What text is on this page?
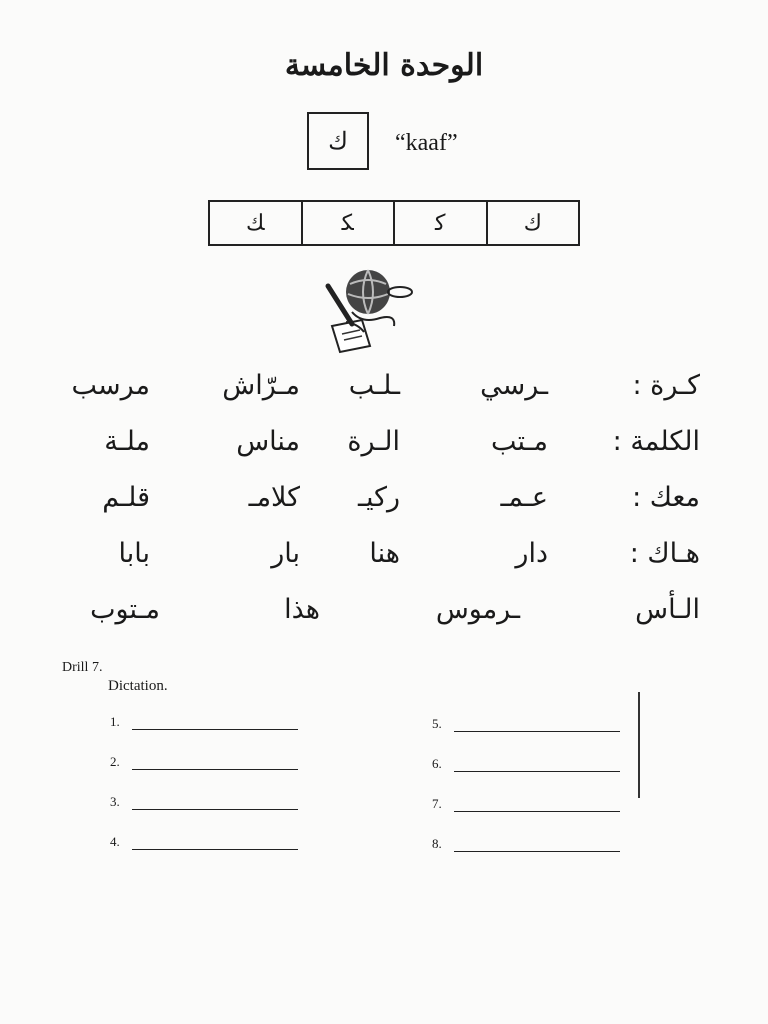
الوحدة الخامسة
ك “kaaf”
ك
ﻛ
ﻜ
ﻚ
كـرة :
ـرسي
ـلـب
مـرّاش
مرسب
الكلمة :
مـتب
الـرة
مناس
ملـة
معك :
عـمـ
ركيـ
كلامـ
قلـم
هـاك :
دار
هنا
بار
بابا
الـأس
ـرموس
هذا
مـتوب
Drill 7.
Dictation.
1.
2.
3.
4.
5.
6.
7.
8.
